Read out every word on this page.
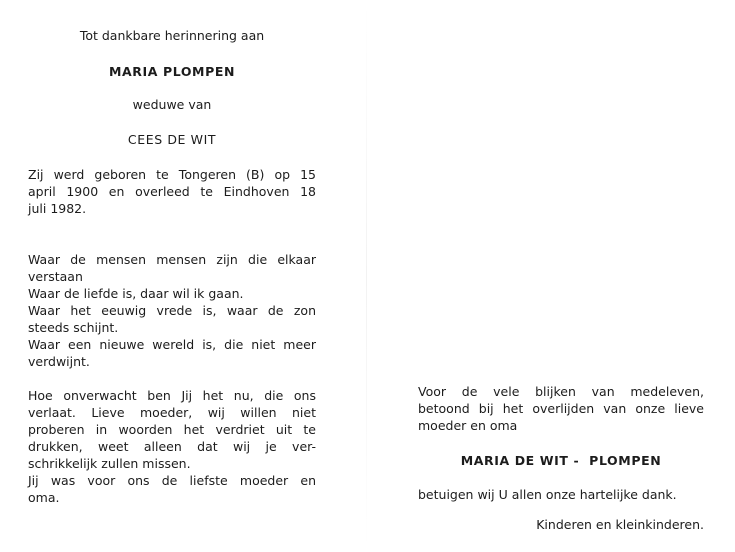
Tot dankbare herinnering aan
MARIA PLOMPEN
weduwe van
CEES DE WIT
Zij werd geboren te Tongeren (B) op 15
april 1900 en overleed te Eindhoven 18
juli 1982.
Waar de mensen mensen zijn die elkaar
verstaan
Waar de liefde is, daar wil ik gaan.
Waar het eeuwig vrede is, waar de zon
steeds schijnt.
Waar een nieuwe wereld is, die niet meer
verdwijnt.
Hoe onverwacht ben Jij het nu, die ons
verlaat. Lieve moeder, wij willen niet
proberen in woorden het verdriet uit te
drukken, weet alleen dat wij je ver-
schrikkelijk zullen missen.
Jij was voor ons de liefste moeder en
oma.
Voor de vele blijken van medeleven,
betoond bij het overlijden van onze lieve
moeder en oma
MARIA DE WIT -  PLOMPEN
betuigen wij U allen onze hartelijke dank.
Kinderen en kleinkinderen.
